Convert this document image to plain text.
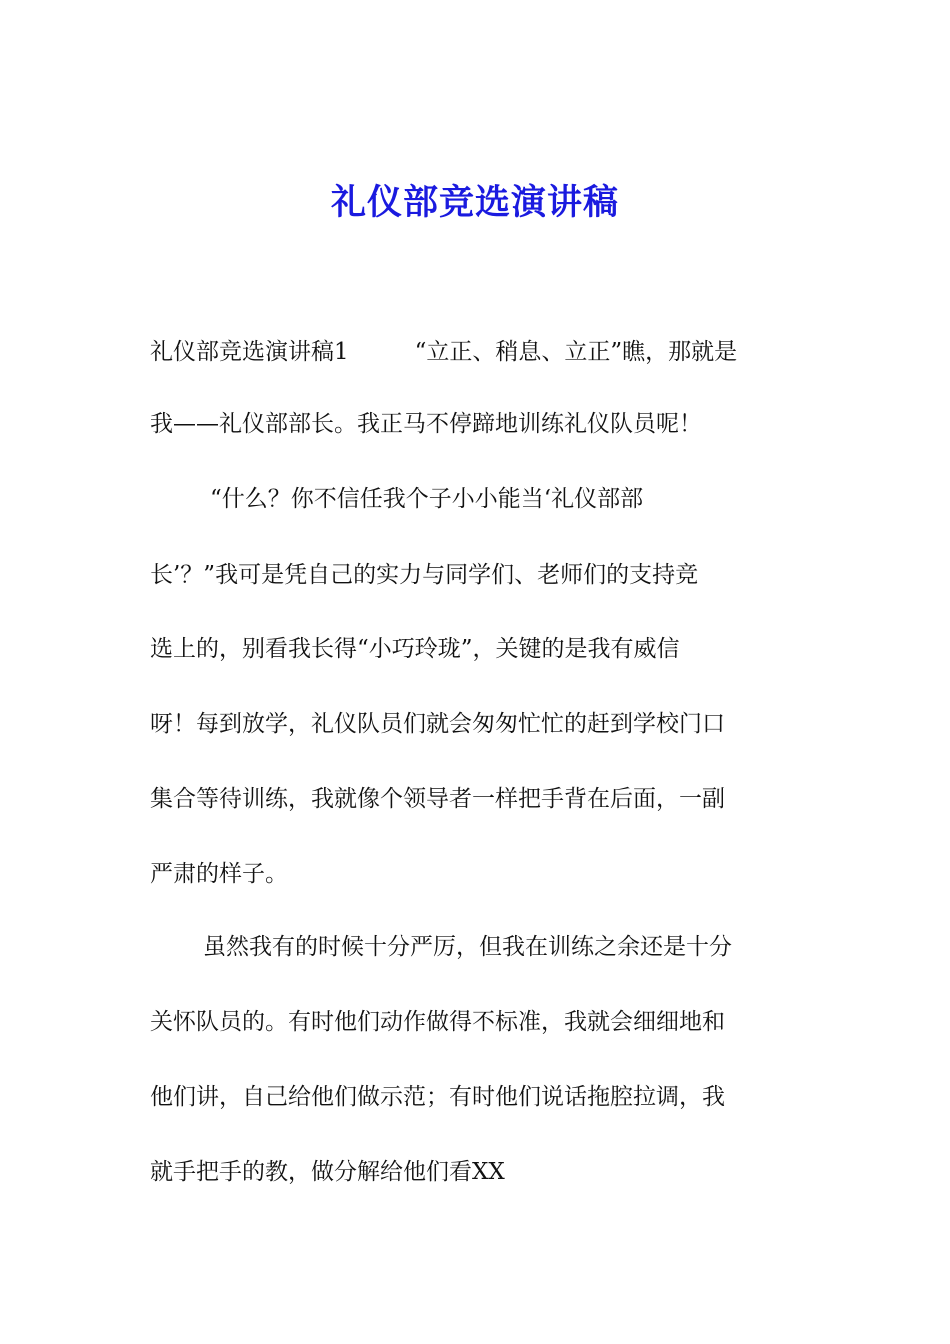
礼仪部竞选演讲稿
礼仪部竞选演讲稿1	“立正、稍息、立正”瞧，那就是
我——礼仪部部长。我正马不停蹄地训练礼仪队员呢！
“什么？你不信任我个子小小能当‘礼仪部部
长’？”我可是凭自己的实力与同学们、老师们的支持竞
选上的，别看我长得“小巧玲珑”，关键的是我有威信
呀！每到放学，礼仪队员们就会匆匆忙忙的赶到学校门口
集合等待训练，我就像个领导者一样把手背在后面，一副
严肃的样子。
虽然我有的时候十分严厉，但我在训练之余还是十分
关怀队员的。有时他们动作做得不标准，我就会细细地和
他们讲，自己给他们做示范；有时他们说话拖腔拉调，我
就手把手的教，做分解给他们看XX
